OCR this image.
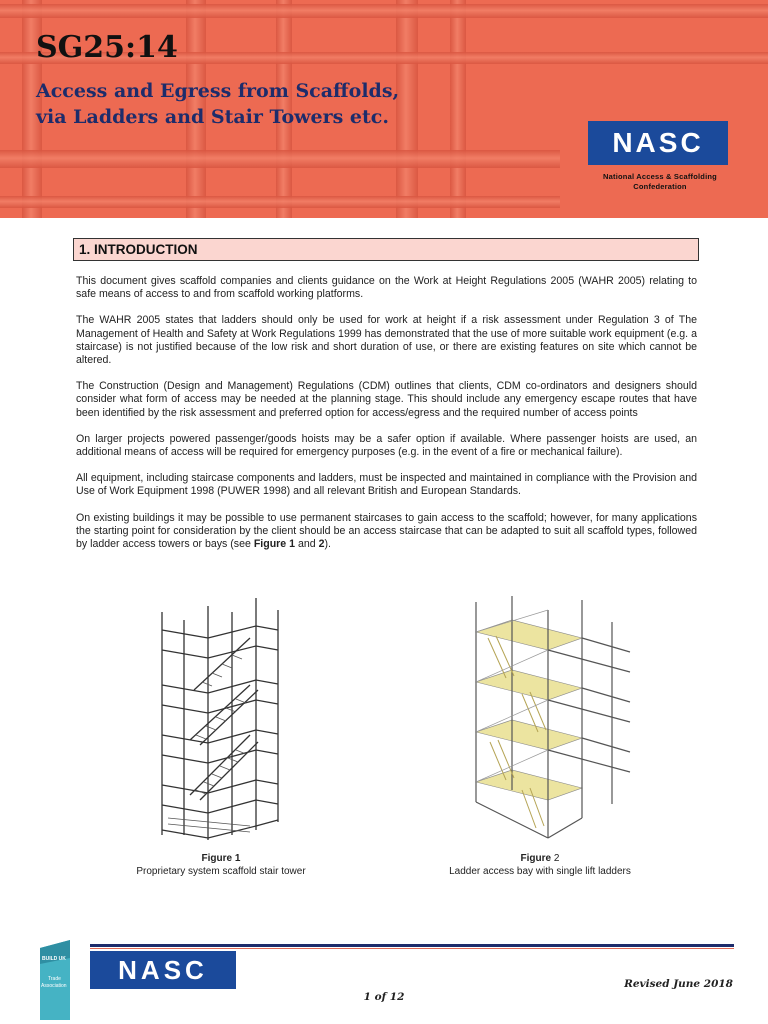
SG25:14
Access and Egress from Scaffolds,
via Ladders and Stair Towers etc.
NASC
National Access & Scaffolding
Confederation
1. INTRODUCTION

This document gives scaffold companies and clients guidance on the Work at Height Regulations 2005 (WAHR 2005) relating to safe means of access to and from scaffold working platforms.

The WAHR 2005 states that ladders should only be used for work at height if a risk assessment under Regulation 3 of The Management of Health and Safety at Work Regulations 1999 has demonstrated that the use of more suitable work equipment (e.g. a staircase) is not justified because of the low risk and short duration of use, or there are existing features on site which cannot be altered.

The Construction (Design and Management) Regulations (CDM) outlines that clients, CDM co-ordinators and designers should consider what form of access may be needed at the planning stage. This should include any emergency escape routes that have been identified by the risk assessment and preferred option for access/egress and the required number of access points

On larger projects powered passenger/goods hoists may be a safer option if available. Where passenger hoists are used, an additional means of access will be required for emergency purposes (e.g. in the event of a fire or mechanical failure).

All equipment, including staircase components and ladders, must be inspected and maintained in compliance with the Provision and Use of Work Equipment 1998 (PUWER 1998) and all relevant British and European Standards.

On existing buildings it may be possible to use permanent staircases to gain access to the scaffold; however, for many applications the starting point for consideration by the client should be an access staircase that can be adapted to suit all scaffold types, followed by ladder access towers or bays (see Figure 1 and 2).

Figure 1
Proprietary system scaffold stair tower
Figure 2
Ladder access bay with single lift ladders
BUILD UK
Trade
Association
NASC	Revised June 2018
1 of 12
